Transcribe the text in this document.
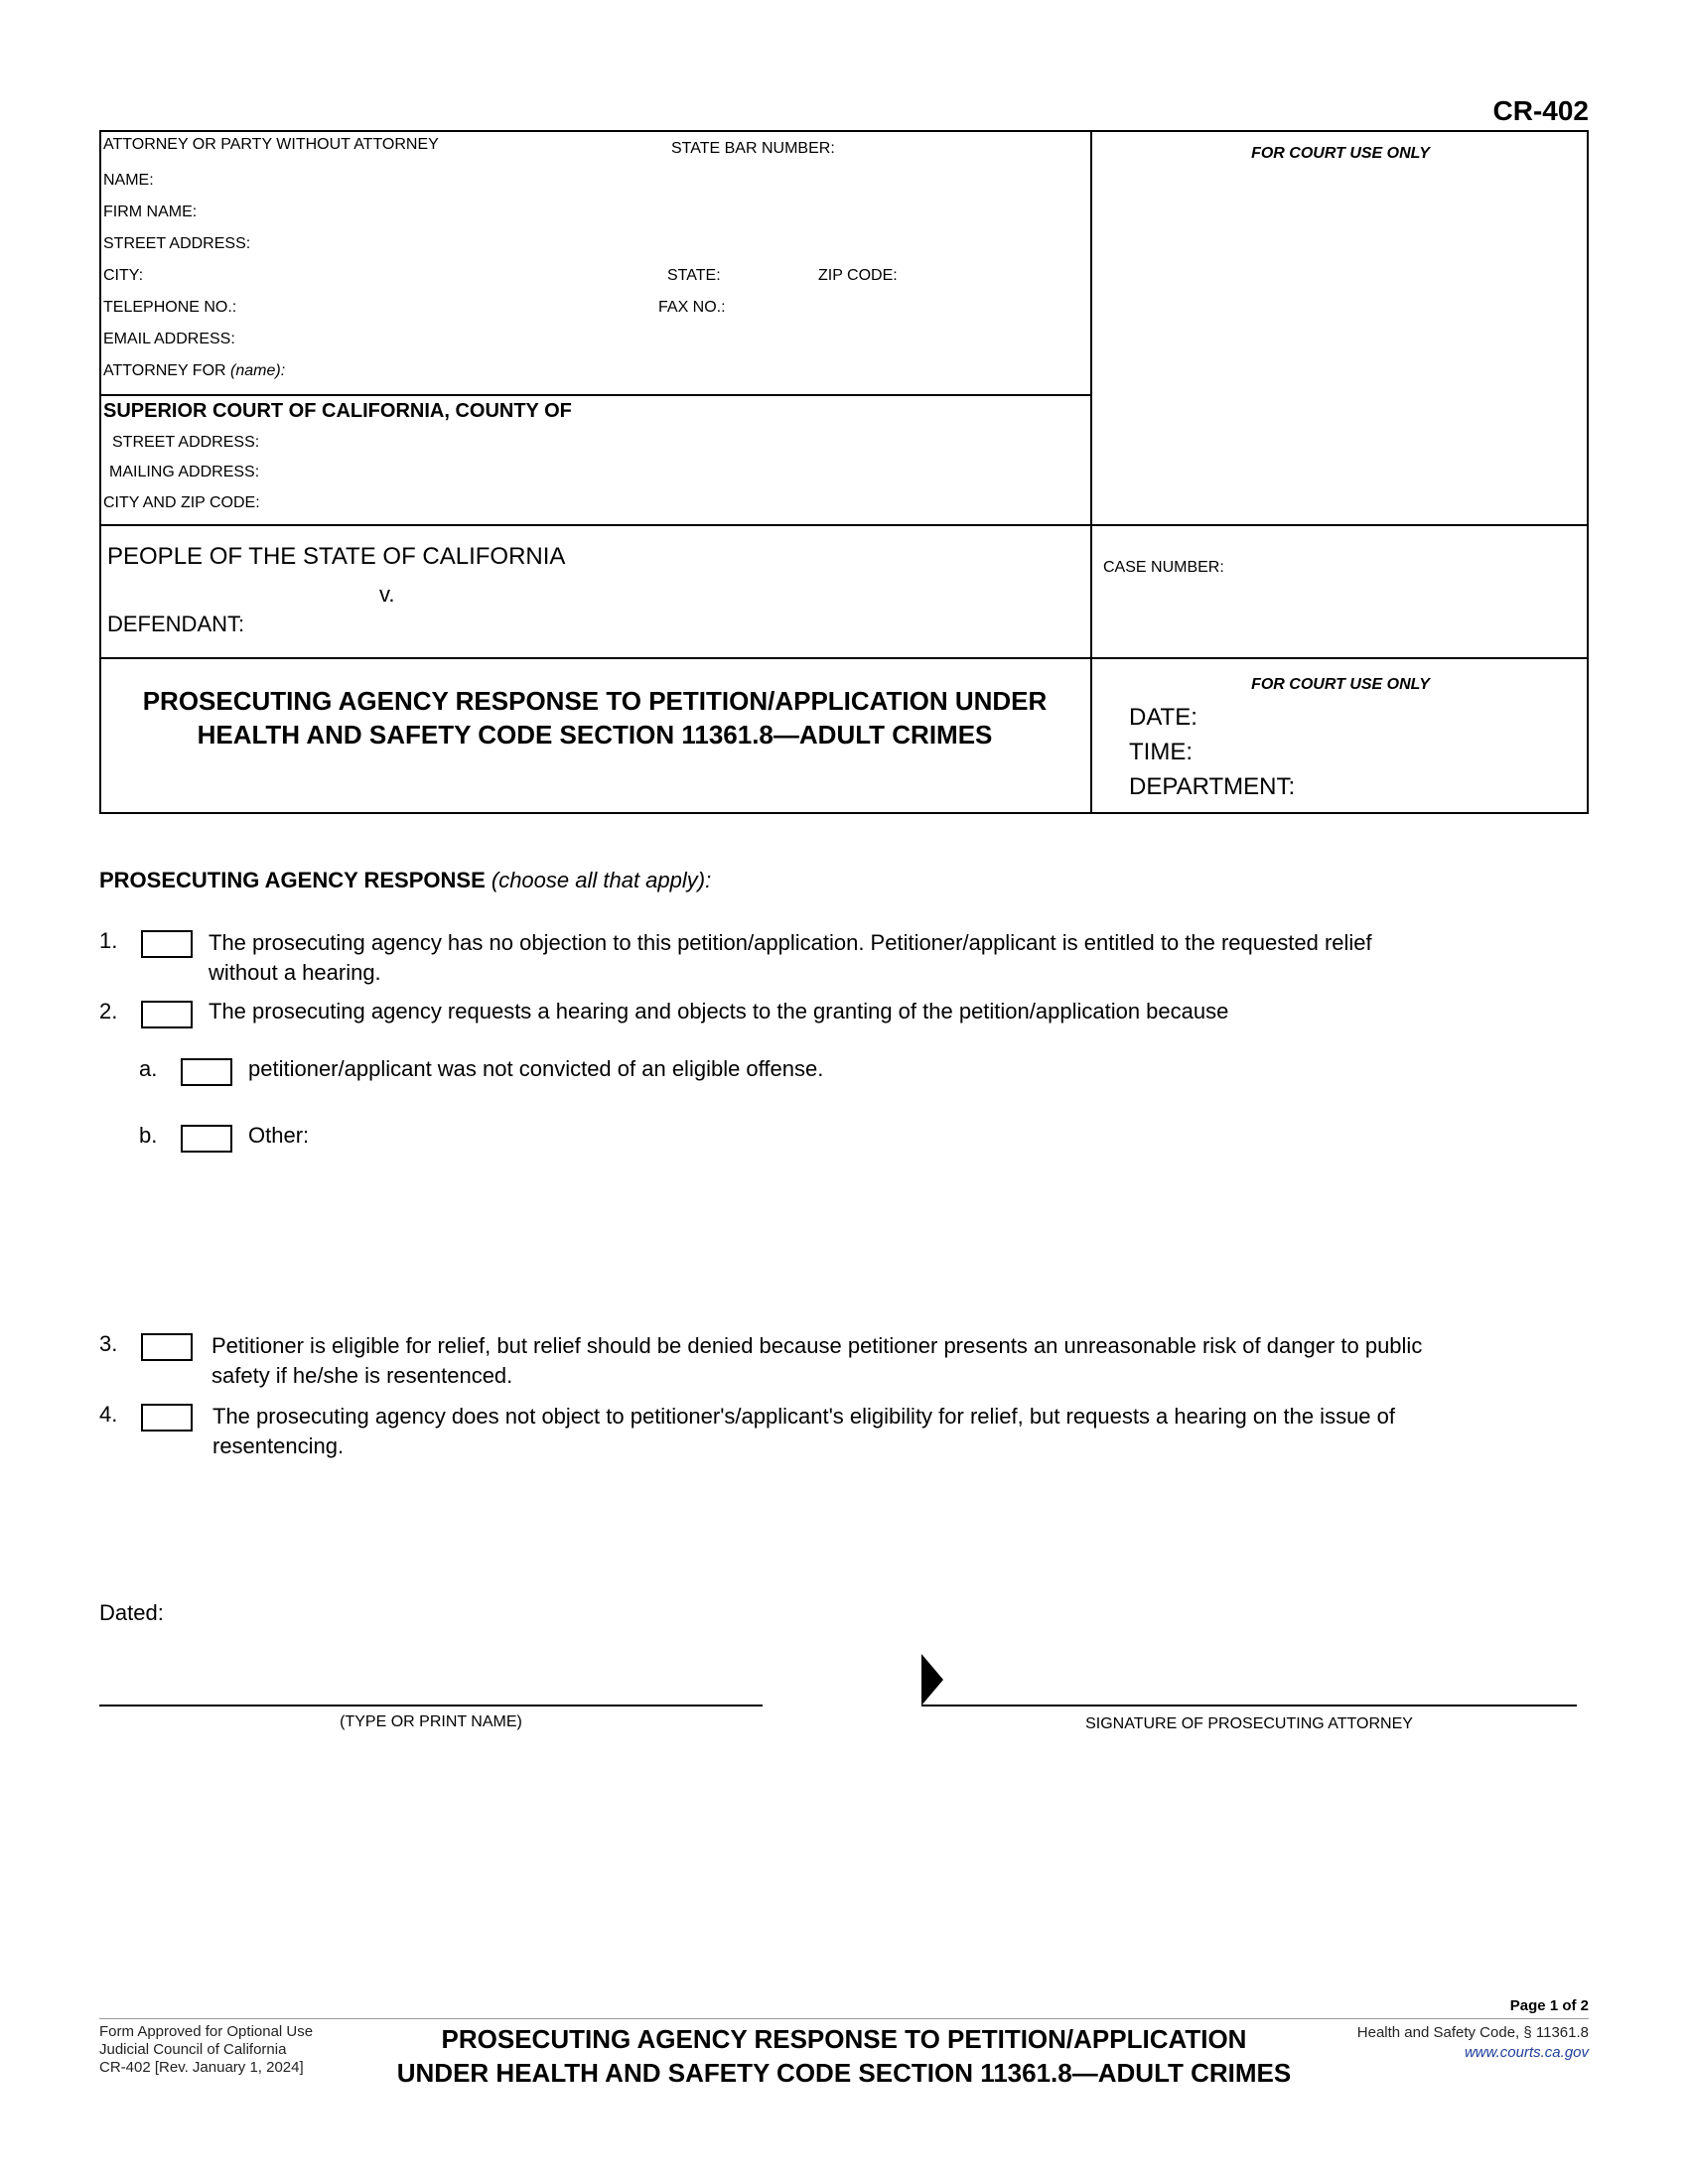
CR-402
ATTORNEY OR PARTY WITHOUT ATTORNEY	STATE BAR NUMBER:
NAME:
FIRM NAME:
STREET ADDRESS:
CITY:	STATE:	ZIP CODE:
TELEPHONE NO.:	FAX NO.:
EMAIL ADDRESS:
ATTORNEY FOR (name):
FOR COURT USE ONLY
SUPERIOR COURT OF CALIFORNIA, COUNTY OF
STREET ADDRESS:
MAILING ADDRESS:
CITY AND ZIP CODE:
PEOPLE OF THE STATE OF CALIFORNIA
v.
DEFENDANT:
CASE NUMBER:
PROSECUTING AGENCY RESPONSE TO PETITION/APPLICATION UNDER
HEALTH AND SAFETY CODE SECTION 11361.8—ADULT CRIMES
FOR COURT USE ONLY
DATE:
TIME:
DEPARTMENT:
PROSECUTING AGENCY RESPONSE (choose all that apply):
1.	The prosecuting agency has no objection to this petition/application. Petitioner/applicant is entitled to the requested relief
without a hearing.
2.	The prosecuting agency requests a hearing and objects to the granting of the petition/application because
a.	petitioner/applicant was not convicted of an eligible offense.
b.	Other:
3.	Petitioner is eligible for relief, but relief should be denied because petitioner presents an unreasonable risk of danger to public
safety if he/she is resentenced.
4.	The prosecuting agency does not object to petitioner's/applicant's eligibility for relief, but requests a hearing on the issue of
resentencing.
Dated:
(TYPE OR PRINT NAME)	SIGNATURE OF PROSECUTING ATTORNEY
Page 1 of 2
Form Approved for Optional Use
Judicial Council of California
CR-402 [Rev. January 1, 2024]
PROSECUTING AGENCY RESPONSE TO PETITION/APPLICATION
UNDER HEALTH AND SAFETY CODE SECTION 11361.8—ADULT CRIMES
Health and Safety Code, § 11361.8
www.courts.ca.gov
